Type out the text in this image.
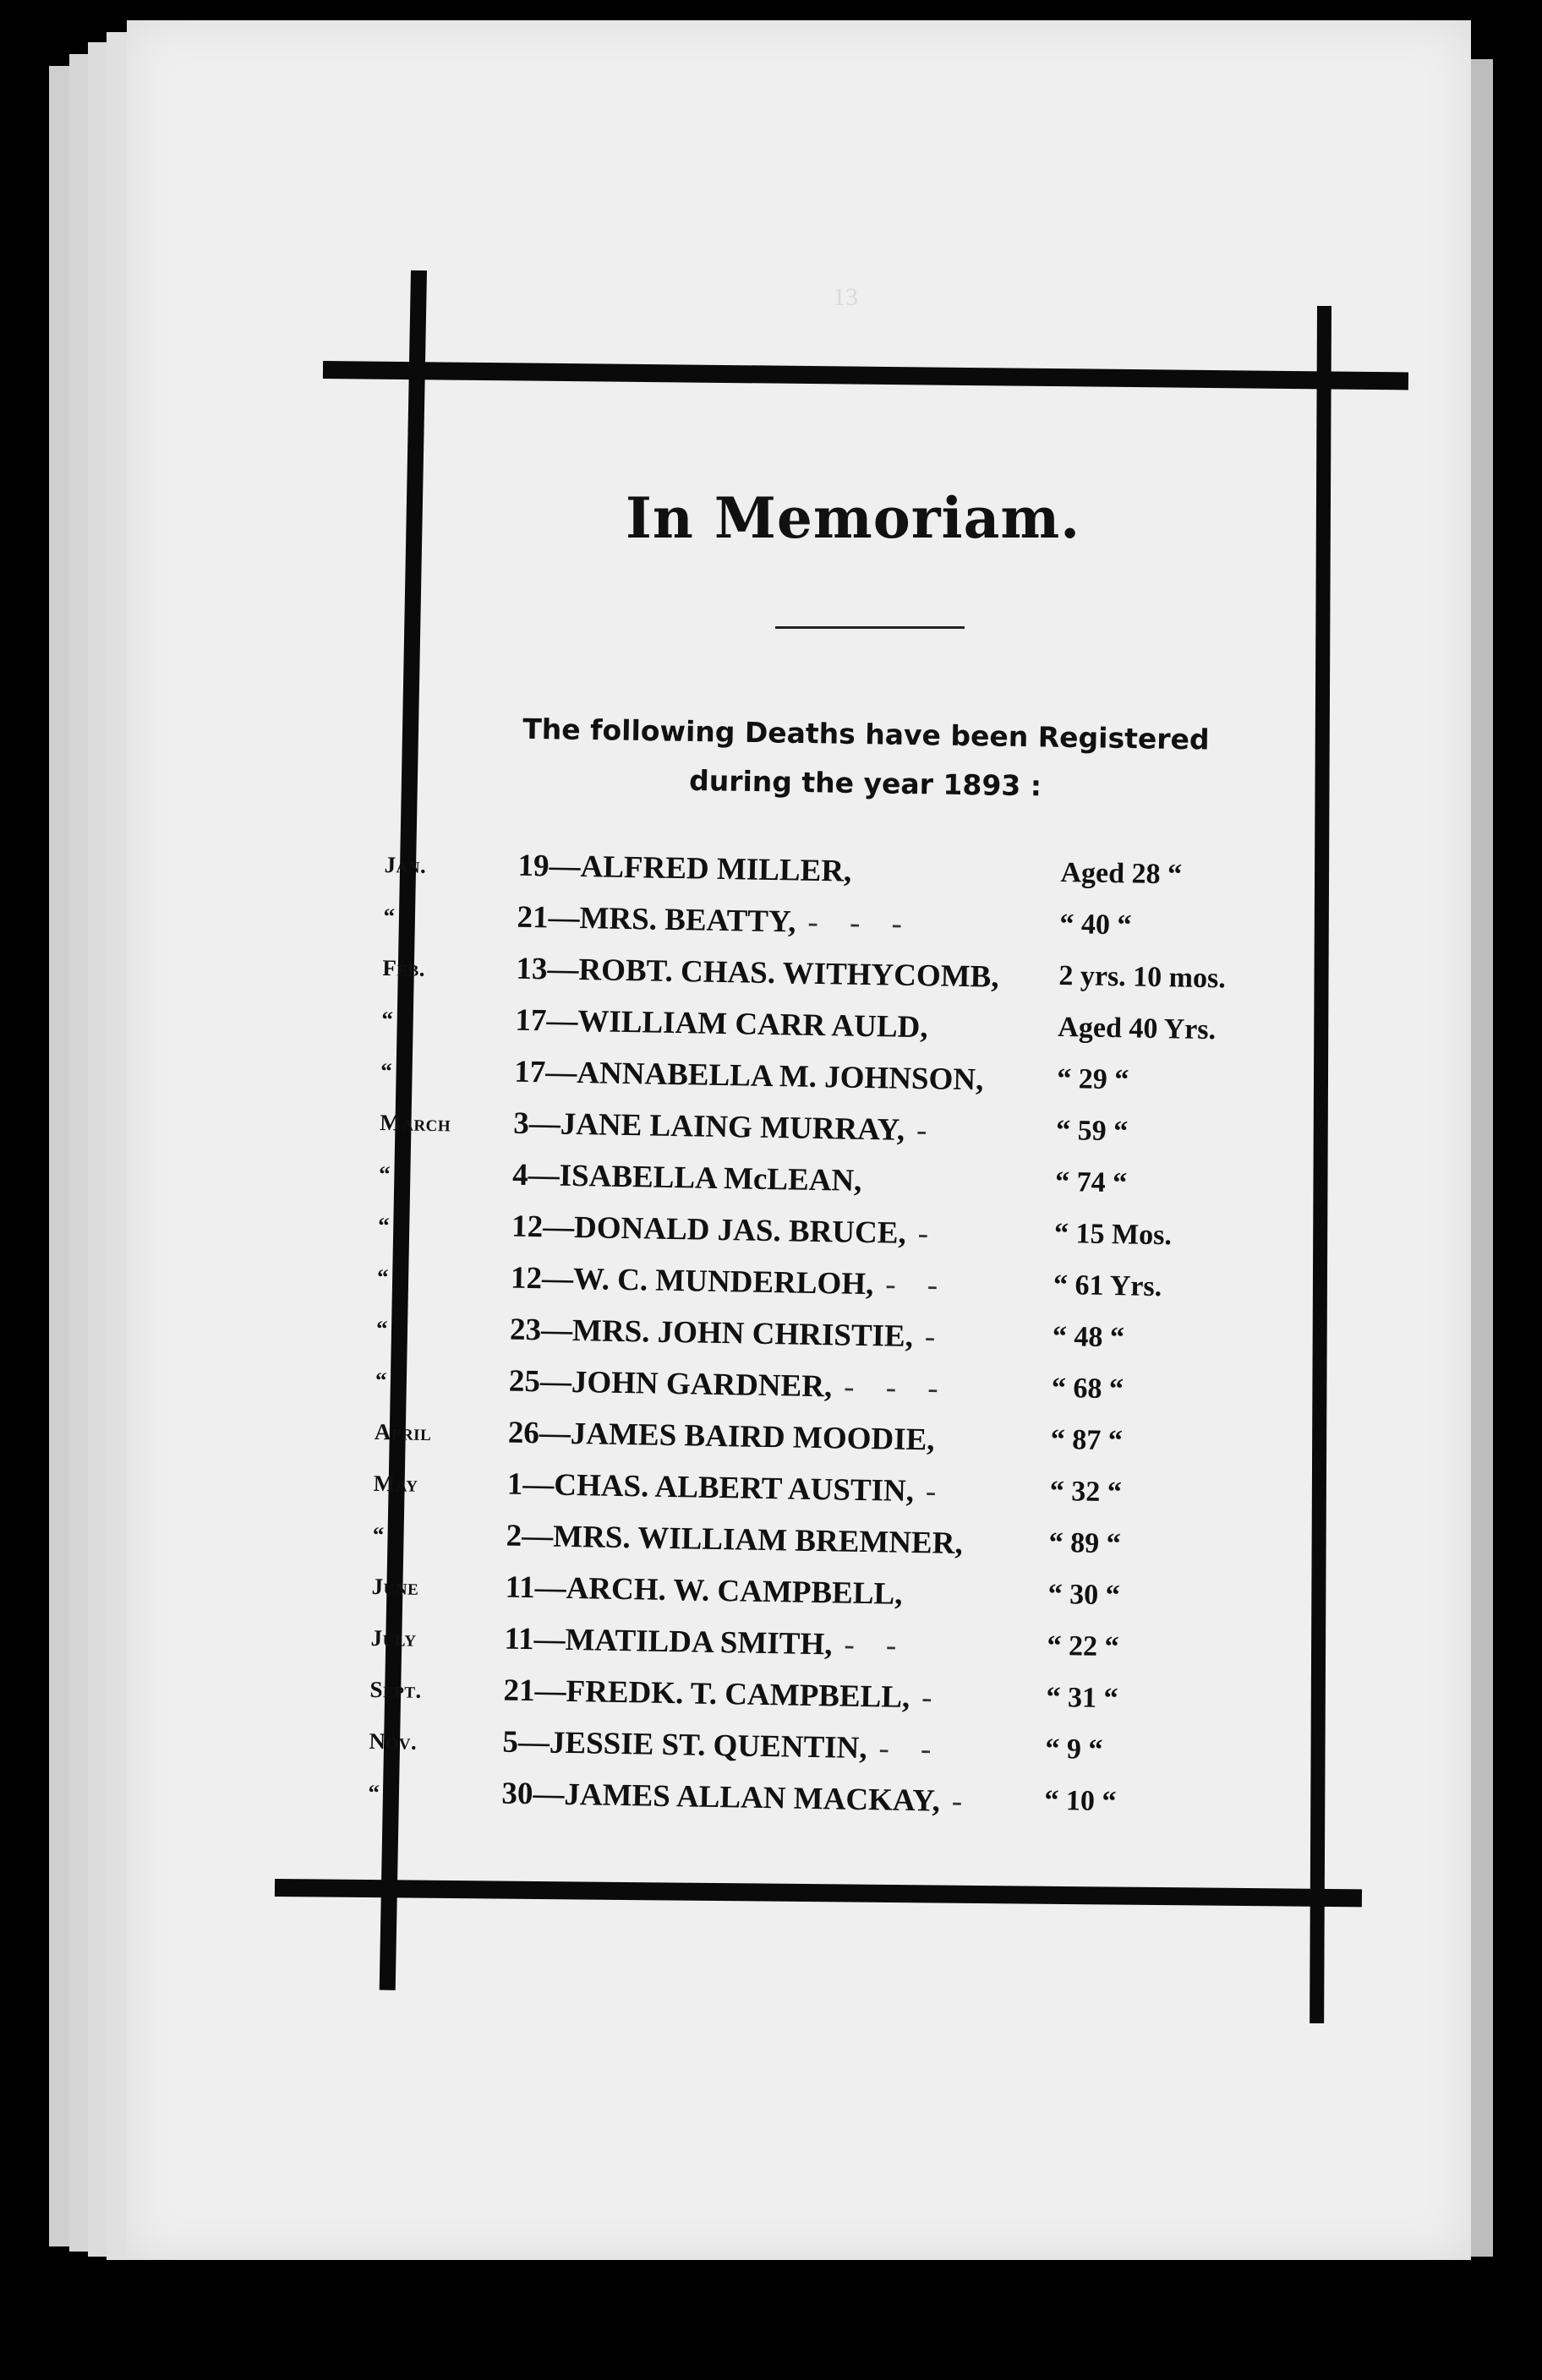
13
In Memoriam.
The following Deaths have been Registered
during the year 1893 :
Jan.	19—ALFRED MILLER,	Aged 28 “
“	21—MRS. BEATTY, - - -	“ 40 “
Feb.	13—ROBT. CHAS. WITHYCOMB,	2 yrs. 10 mos.
“	17—WILLIAM CARR AULD,	Aged 40 Yrs.
“	17—ANNABELLA M. JOHNSON,	“ 29 “
March	3—JANE LAING MURRAY, -	“ 59 “
“	4—ISABELLA McLEAN,	“ 74 “
“	12—DONALD JAS. BRUCE, -	“ 15 Mos.
“	12—W. C. MUNDERLOH, - -	“ 61 Yrs.
“	23—MRS. JOHN CHRISTIE, -	“ 48 “
“	25—JOHN GARDNER, - - -	“ 68 “
April	26—JAMES BAIRD MOODIE,	“ 87 “
May	1—CHAS. ALBERT AUSTIN, -	“ 32 “
“	2—MRS. WILLIAM BREMNER,	“ 89 “
June	11—ARCH. W. CAMPBELL,	“ 30 “
July	11—MATILDA SMITH, - -	“ 22 “
Sept.	21—FREDK. T. CAMPBELL, -	“ 31 “
Nov.	5—JESSIE ST. QUENTIN, - -	“ 9 “
“	30—JAMES ALLAN MACKAY, -	“ 10 “
